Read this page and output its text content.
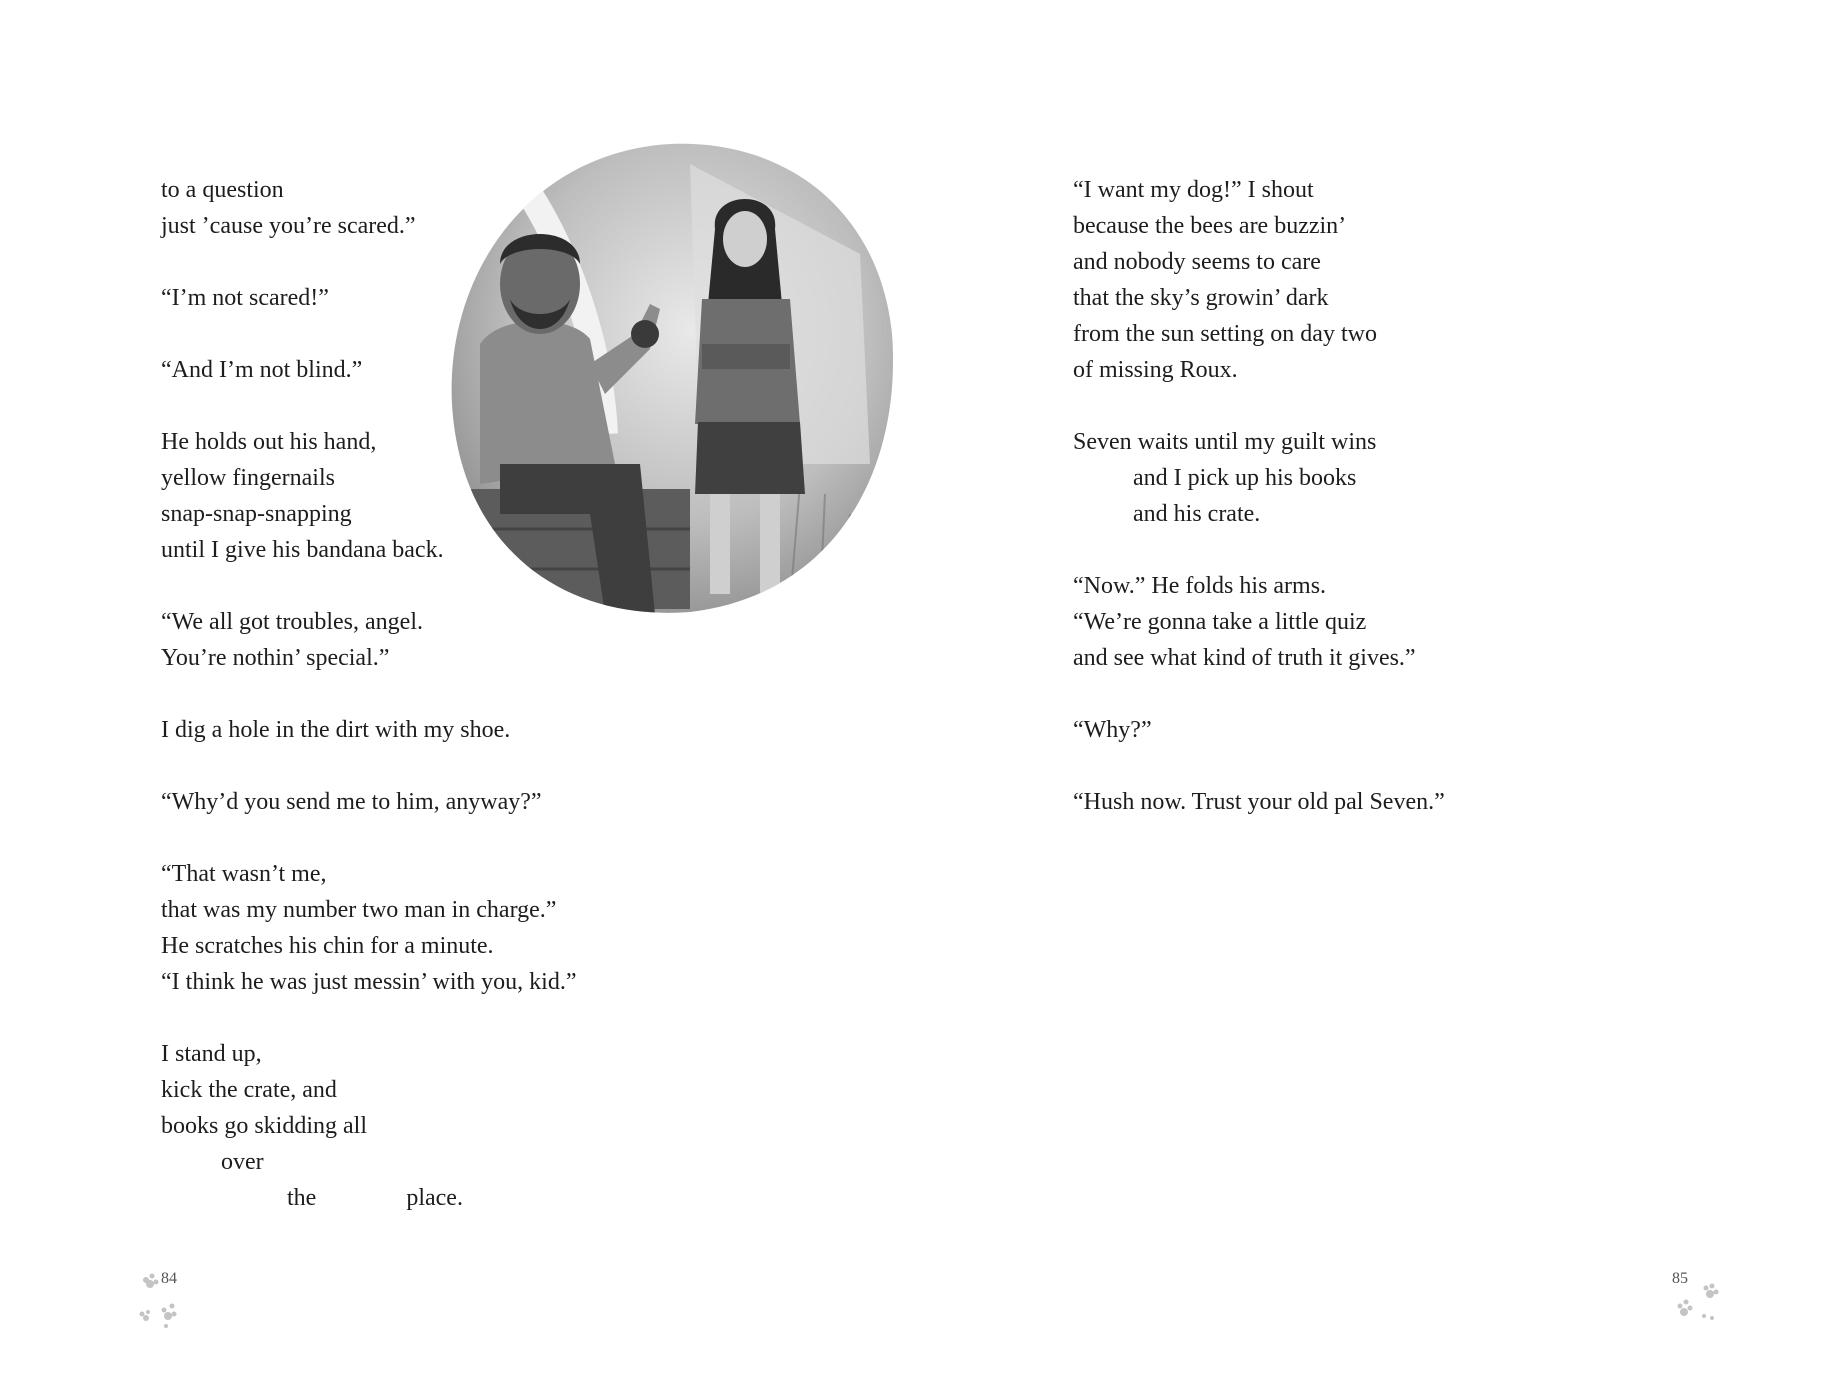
to a question
just ’cause you’re scared.”
“I’m not scared!”
“And I’m not blind.”
He holds out his hand,
yellow fingernails
snap-snap-snapping
until I give his bandana back.
“We all got troubles, angel.
You’re nothin’ special.”
I dig a hole in the dirt with my shoe.
“Why’d you send me to him, anyway?”
“That wasn’t me,
that was my number two man in charge.”
He scratches his chin for a minute.
“I think he was just messin’ with you, kid.”
I stand up,
kick the crate, and
books go skidding all
over
the               place.
84
“I want my dog!” I shout
because the bees are buzzin’
and nobody seems to care
that the sky’s growin’ dark
from the sun setting on day two
of missing Roux.
Seven waits until my guilt wins
and I pick up his books
and his crate.
“Now.” He folds his arms.
“We’re gonna take a little quiz
and see what kind of truth it gives.”
“Why?”
“Hush now. Trust your old pal Seven.”
85
